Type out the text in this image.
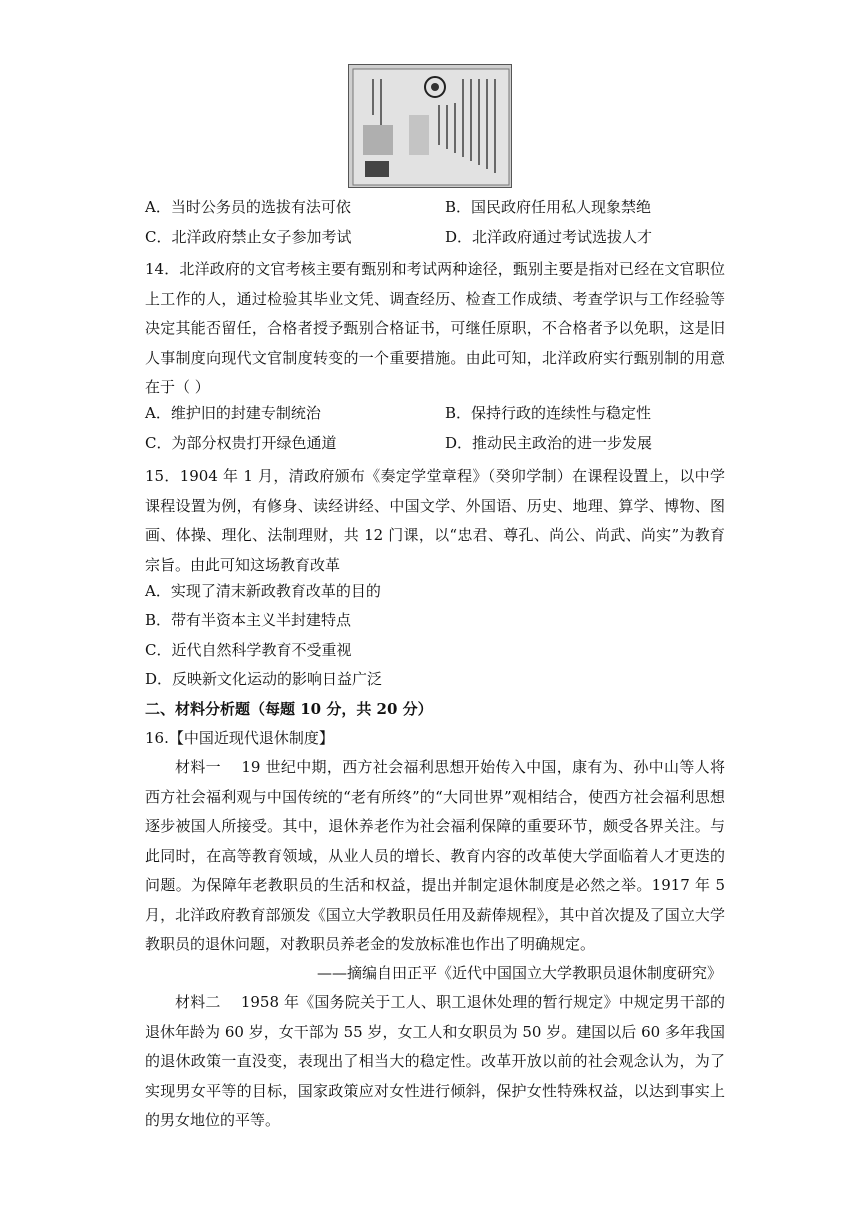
A．当时公务员的选拔有法可依	B．国民政府任用私人现象禁绝
C．北洋政府禁止女子参加考试	D．北洋政府通过考试选拔人才
14．北洋政府的文官考核主要有甄别和考试两种途径，甄别主要是指对已经在文官职位上工作的人，通过检验其毕业文凭、调查经历、检查工作成绩、考查学识与工作经验等决定其能否留任，合格者授予甄别合格证书，可继任原职，不合格者予以免职，这是旧人事制度向现代文官制度转变的一个重要措施。由此可知，北洋政府实行甄别制的用意在于（ ）
A．维护旧的封建专制统治	B．保持行政的连续性与稳定性
C．为部分权贵打开绿色通道	D．推动民主政治的进一步发展
15．1904 年 1 月，清政府颁布《奏定学堂章程》（癸卯学制）在课程设置上，以中学课程设置为例，有修身、读经讲经、中国文学、外国语、历史、地理、算学、博物、图画、体操、理化、法制理财，共 12 门课，以“忠君、尊孔、尚公、尚武、尚实”为教育宗旨。由此可知这场教育改革
A．实现了清末新政教育改革的目的
B．带有半资本主义半封建特点
C．近代自然科学教育不受重视
D．反映新文化运动的影响日益广泛
二、材料分析题（每题 10 分，共 20 分）
16.【中国近现代退休制度】
材料一　 19 世纪中期，西方社会福利思想开始传入中国，康有为、孙中山等人将西方社会福利观与中国传统的“老有所终”的“大同世界”观相结合，使西方社会福利思想逐步被国人所接受。其中，退休养老作为社会福利保障的重要环节，颇受各界关注。与此同时，在高等教育领域，从业人员的增长、教育内容的改革使大学面临着人才更迭的问题。为保障年老教职员的生活和权益，提出并制定退休制度是必然之举。1917 年 5 月，北洋政府教育部颁发《国立大学教职员任用及薪俸规程》，其中首次提及了国立大学教职员的退休问题，对教职员养老金的发放标准也作出了明确规定。
——摘编自田正平《近代中国国立大学教职员退休制度研究》
材料二　 1958 年《国务院关于工人、职工退休处理的暂行规定》中规定男干部的退休年龄为 60 岁，女干部为 55 岁，女工人和女职员为 50 岁。建国以后 60 多年我国的退休政策一直没变，表现出了相当大的稳定性。改革开放以前的社会观念认为，为了实现男女平等的目标，国家政策应对女性进行倾斜，保护女性特殊权益，以达到事实上的男女地位的平等。
